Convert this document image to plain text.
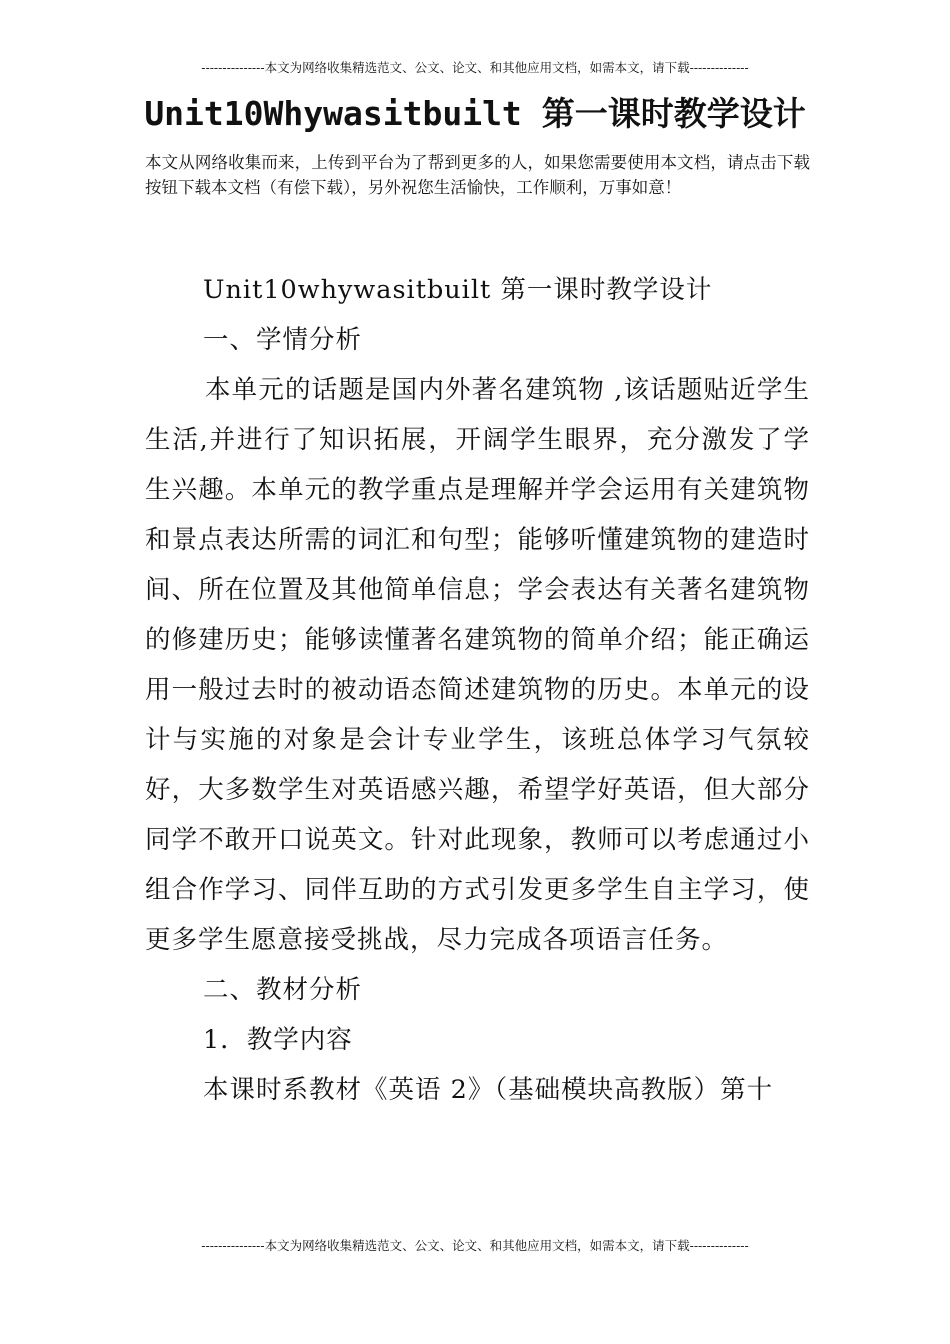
---------------本文为网络收集精选范文、公文、论文、和其他应用文档，如需本文，请下载--------------
Unit10Whywasitbuilt 第一课时教学设计

本文从网络收集而来，上传到平台为了帮到更多的人，如果您需要使用本文档，请点击下载按钮下载本文档（有偿下载），另外祝您生活愉快，工作顺利，万事如意！

Unit10whywasitbuilt 第一课时教学设计

一、学情分析

本单元的话题是国内外著名建筑物 ,该话题贴近学生生活,并进行了知识拓展，开阔学生眼界，充分激发了学生兴趣。本单元的教学重点是理解并学会运用有关建筑物和景点表达所需的词汇和句型；能够听懂建筑物的建造时间、所在位置及其他简单信息；学会表达有关著名建筑物的修建历史；能够读懂著名建筑物的简单介绍；能正确运用一般过去时的被动语态简述建筑物的历史。本单元的设计与实施的对象是会计专业学生，该班总体学习气氛较好，大多数学生对英语感兴趣，希望学好英语，但大部分同学不敢开口说英文。针对此现象，教师可以考虑通过小组合作学习、同伴互助的方式引发更多学生自主学习，使更多学生愿意接受挑战，尽力完成各项语言任务。

二、教材分析

1．教学内容

本课时系教材《英语 2》（基础模块高教版）第十

---------------本文为网络收集精选范文、公文、论文、和其他应用文档，如需本文，请下载--------------
